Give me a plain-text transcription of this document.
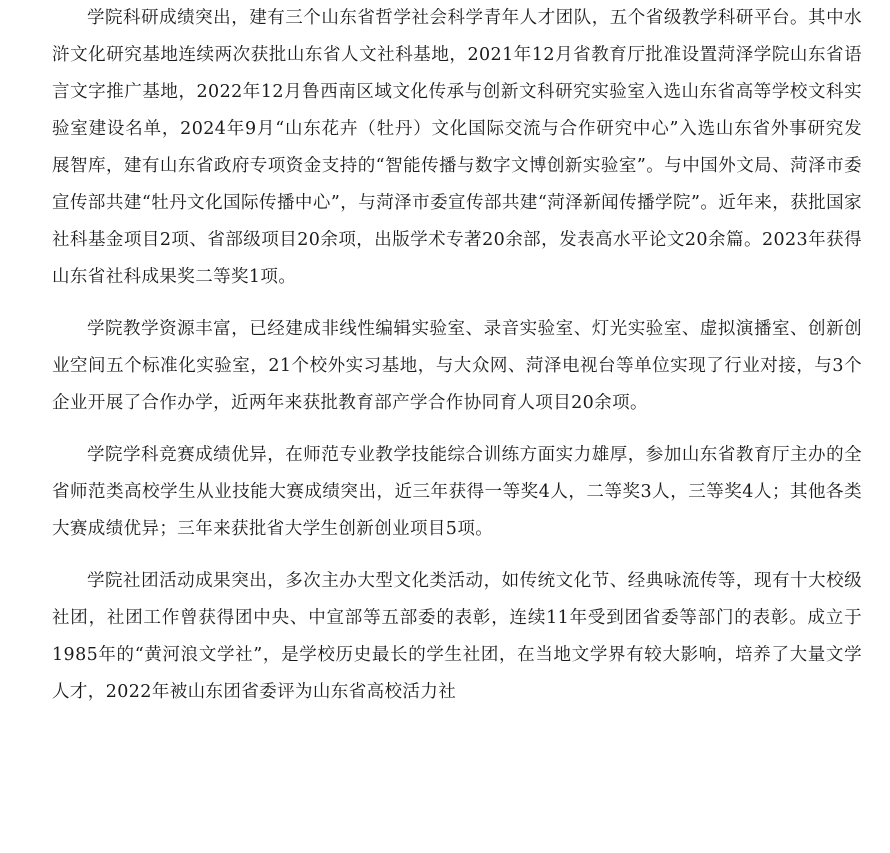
学院科研成绩突出，建有三个山东省哲学社会科学青年人才团队，五个省级教学科研平台。其中水浒文化研究基地连续两次获批山东省人文社科基地，2021年12月省教育厅批准设置菏泽学院山东省语言文字推广基地，2022年12月鲁西南区域文化传承与创新文科研究实验室入选山东省高等学校文科实验室建设名单，2024年9月“山东花卉（牡丹）文化国际交流与合作研究中心”入选山东省外事研究发展智库，建有山东省政府专项资金支持的“智能传播与数字文博创新实验室”。与中国外文局、菏泽市委宣传部共建“牡丹文化国际传播中心”，与菏泽市委宣传部共建“菏泽新闻传播学院”。近年来，获批国家社科基金项目2项、省部级项目20余项，出版学术专著20余部，发表高水平论文20余篇。2023年获得山东省社科成果奖二等奖1项。

学院教学资源丰富，已经建成非线性编辑实验室、录音实验室、灯光实验室、虚拟演播室、创新创业空间五个标准化实验室，21个校外实习基地，与大众网、菏泽电视台等单位实现了行业对接，与3个企业开展了合作办学，近两年来获批教育部产学合作协同育人项目20余项。

学院学科竞赛成绩优异，在师范专业教学技能综合训练方面实力雄厚，参加山东省教育厅主办的全省师范类高校学生从业技能大赛成绩突出，近三年获得一等奖4人，二等奖3人，三等奖4人；其他各类大赛成绩优异；三年来获批省大学生创新创业项目5项。

学院社团活动成果突出，多次主办大型文化类活动，如传统文化节、经典咏流传等，现有十大校级社团，社团工作曾获得团中央、中宣部等五部委的表彰，连续11年受到团省委等部门的表彰。成立于1985年的“黄河浪文学社”，是学校历史最长的学生社团，在当地文学界有较大影响，培养了大量文学人才，2022年被山东团省委评为山东省高校活力社
